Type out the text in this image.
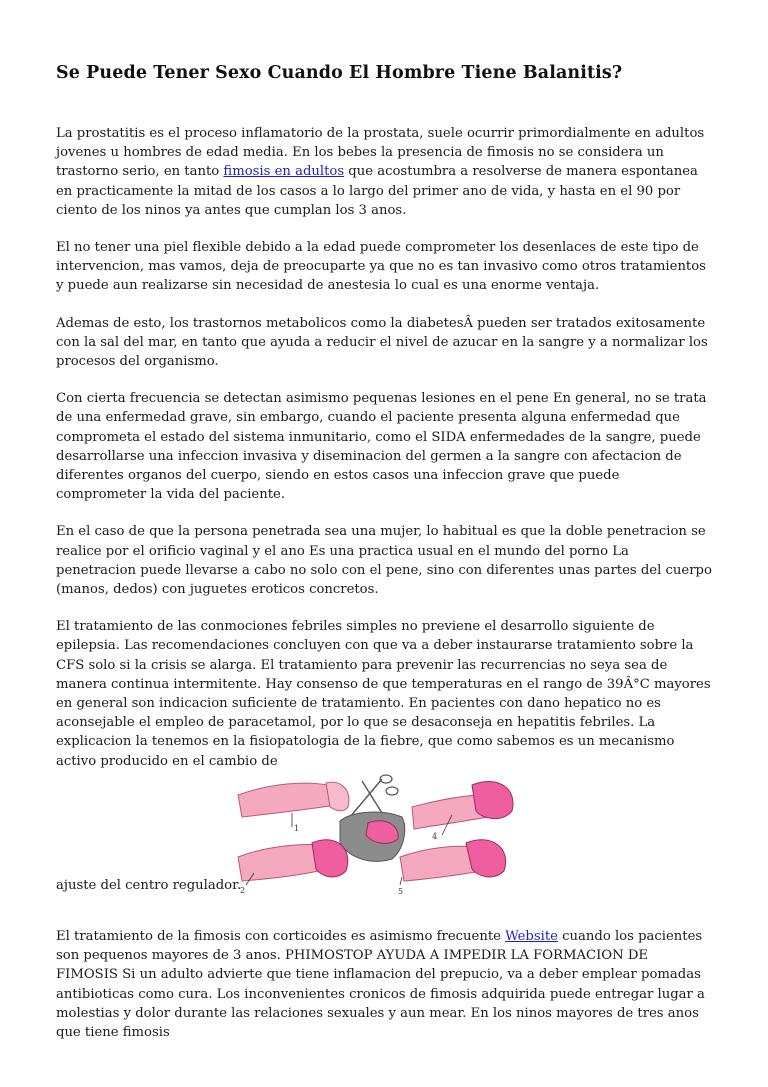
Se Puede Tener Sexo Cuando El Hombre Tiene Balanitis?

La prostatitis es el proceso inflamatorio de la prostata, suele ocurrir primordialmente en adultos jovenes u hombres de edad media. En los bebes la presencia de fimosis no se considera un trastorno serio, en tanto fimosis en adultos que acostumbra a resolverse de manera espontanea en practicamente la mitad de los casos a lo largo del primer ano de vida, y hasta en el 90 por ciento de los ninos ya antes que cumplan los 3 anos.

El no tener una piel flexible debido a la edad puede comprometer los desenlaces de este tipo de intervencion, mas vamos, deja de preocuparte ya que no es tan invasivo como otros tratamientos y puede aun realizarse sin necesidad de anestesia lo cual es una enorme ventaja.

Ademas de esto, los trastornos metabolicos como la diabetesÂ pueden ser tratados exitosamente con la sal del mar, en tanto que ayuda a reducir el nivel de azucar en la sangre y a normalizar los procesos del organismo.

Con cierta frecuencia se detectan asimismo pequenas lesiones en el pene En general, no se trata de una enfermedad grave, sin embargo, cuando el paciente presenta alguna enfermedad que comprometa el estado del sistema inmunitario, como el SIDA enfermedades de la sangre, puede desarrollarse una infeccion invasiva y diseminacion del germen a la sangre con afectacion de diferentes organos del cuerpo, siendo en estos casos una infeccion grave que puede comprometer la vida del paciente.

En el caso de que la persona penetrada sea una mujer, lo habitual es que la doble penetracion se realice por el orificio vaginal y el ano Es una practica usual en el mundo del porno La penetracion puede llevarse a cabo no solo con el pene, sino con diferentes unas partes del cuerpo (manos, dedos) con juguetes eroticos concretos.

El tratamiento de las conmociones febriles simples no previene el desarrollo siguiente de epilepsia. Las recomendaciones concluyen con que va a deber instaurarse tratamiento sobre la CFS solo si la crisis se alarga. El tratamiento para prevenir las recurrencias no seya sea de manera continua intermitente. Hay consenso de que temperaturas en el rango de 39Â°C mayores en general son indicacion suficiente de tratamiento. En pacientes con dano hepatico no es aconsejable el empleo de paracetamol, por lo que se desaconseja en hepatitis febriles. La explicacion la tenemos en la fisiopatologia de la fiebre, que como sabemos es un mecanismo activo producido en el cambio de

ajuste del centro regulador.

1
4
2	5

El tratamiento de la fimosis con corticoides es asimismo frecuente Website cuando los pacientes son pequenos mayores de 3 anos. PHIMOSTOP AYUDA A IMPEDIR LA FORMACION DE FIMOSIS Si un adulto advierte que tiene inflamacion del prepucio, va a deber emplear pomadas antibioticas como cura. Los inconvenientes cronicos de fimosis adquirida puede entregar lugar a molestias y dolor durante las relaciones sexuales y aun mear. En los ninos mayores de tres anos que tiene fimosis
